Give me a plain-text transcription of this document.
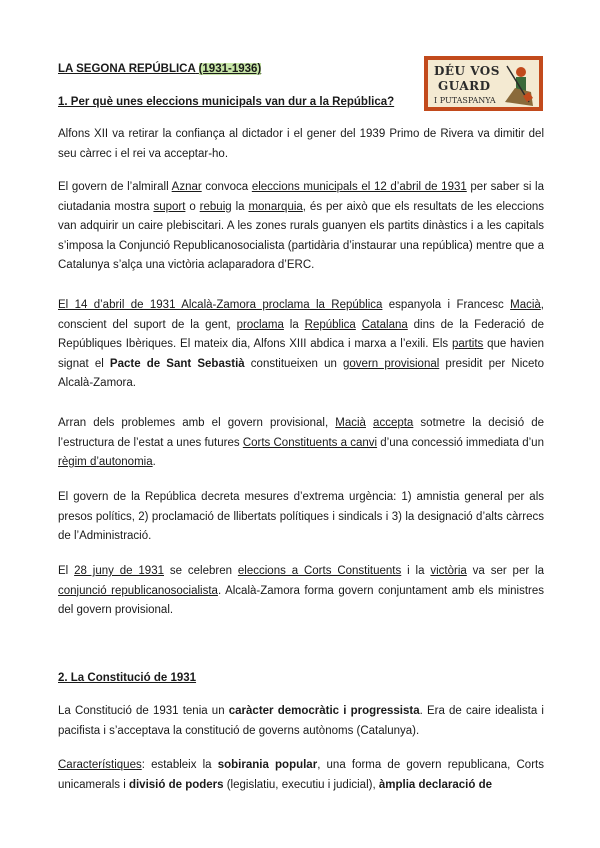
LA SEGONA REPÚBLICA (1931-1936)	DÉU VOS
GUARD
I PUTASPANYA
1. Per què unes eleccions municipals van dur a la República?
Alfons XII va retirar la confiança al dictador i el gener del 1939 Primo de Rivera va dimitir del seu càrrec i el rei va acceptar-ho.
El govern de l’almirall Aznar convoca eleccions municipals el 12 d’abril de 1931 per saber si la ciutadania mostra suport o rebuig la monarquia, és per això que els resultats de les eleccions van adquirir un caire plebiscitari. A les zones rurals guanyen els partits dinàstics i a les capitals s’imposa la Conjunció Republicanosocialista (partidària d’instaurar una república) mentre que a Catalunya s’alça una victòria aclaparadora d’ERC.
El 14 d’abril de 1931 Alcalà-Zamora proclama la República espanyola i Francesc Macià, conscient del suport de la gent, proclama la República Catalana dins de la Federació de Repúbliques Ibèriques. El mateix dia, Alfons XIII abdica i marxa a l’exili. Els partits que havien signat el Pacte de Sant Sebastià constitueixen un govern provisional presidit per Niceto Alcalà-Zamora.
Arran dels problemes amb el govern provisional, Macià accepta sotmetre la decisió de l’estructura de l’estat a unes futures Corts Constituents a canvi d’una concessió immediata d’un règim d’autonomia.
El govern de la República decreta mesures d’extrema urgència: 1) amnistia general per als presos polítics, 2) proclamació de llibertats polítiques i sindicals i 3) la designació d’alts càrrecs de l’Administració.
El 28 juny de 1931 se celebren eleccions a Corts Constituents i la victòria va ser per la conjunció republicanosocialista. Alcalà-Zamora forma govern conjuntament amb els ministres del govern provisional.
2. La Constitució de 1931
La Constitució de 1931 tenia un caràcter democràtic i progressista. Era de caire idealista i pacifista i s’acceptava la constitució de governs autònoms (Catalunya).
Característiques: estableix la sobirania popular, una forma de govern republicana, Corts unicamerals i divisió de poders (legislatiu, executiu i judicial), àmplia declaració de
